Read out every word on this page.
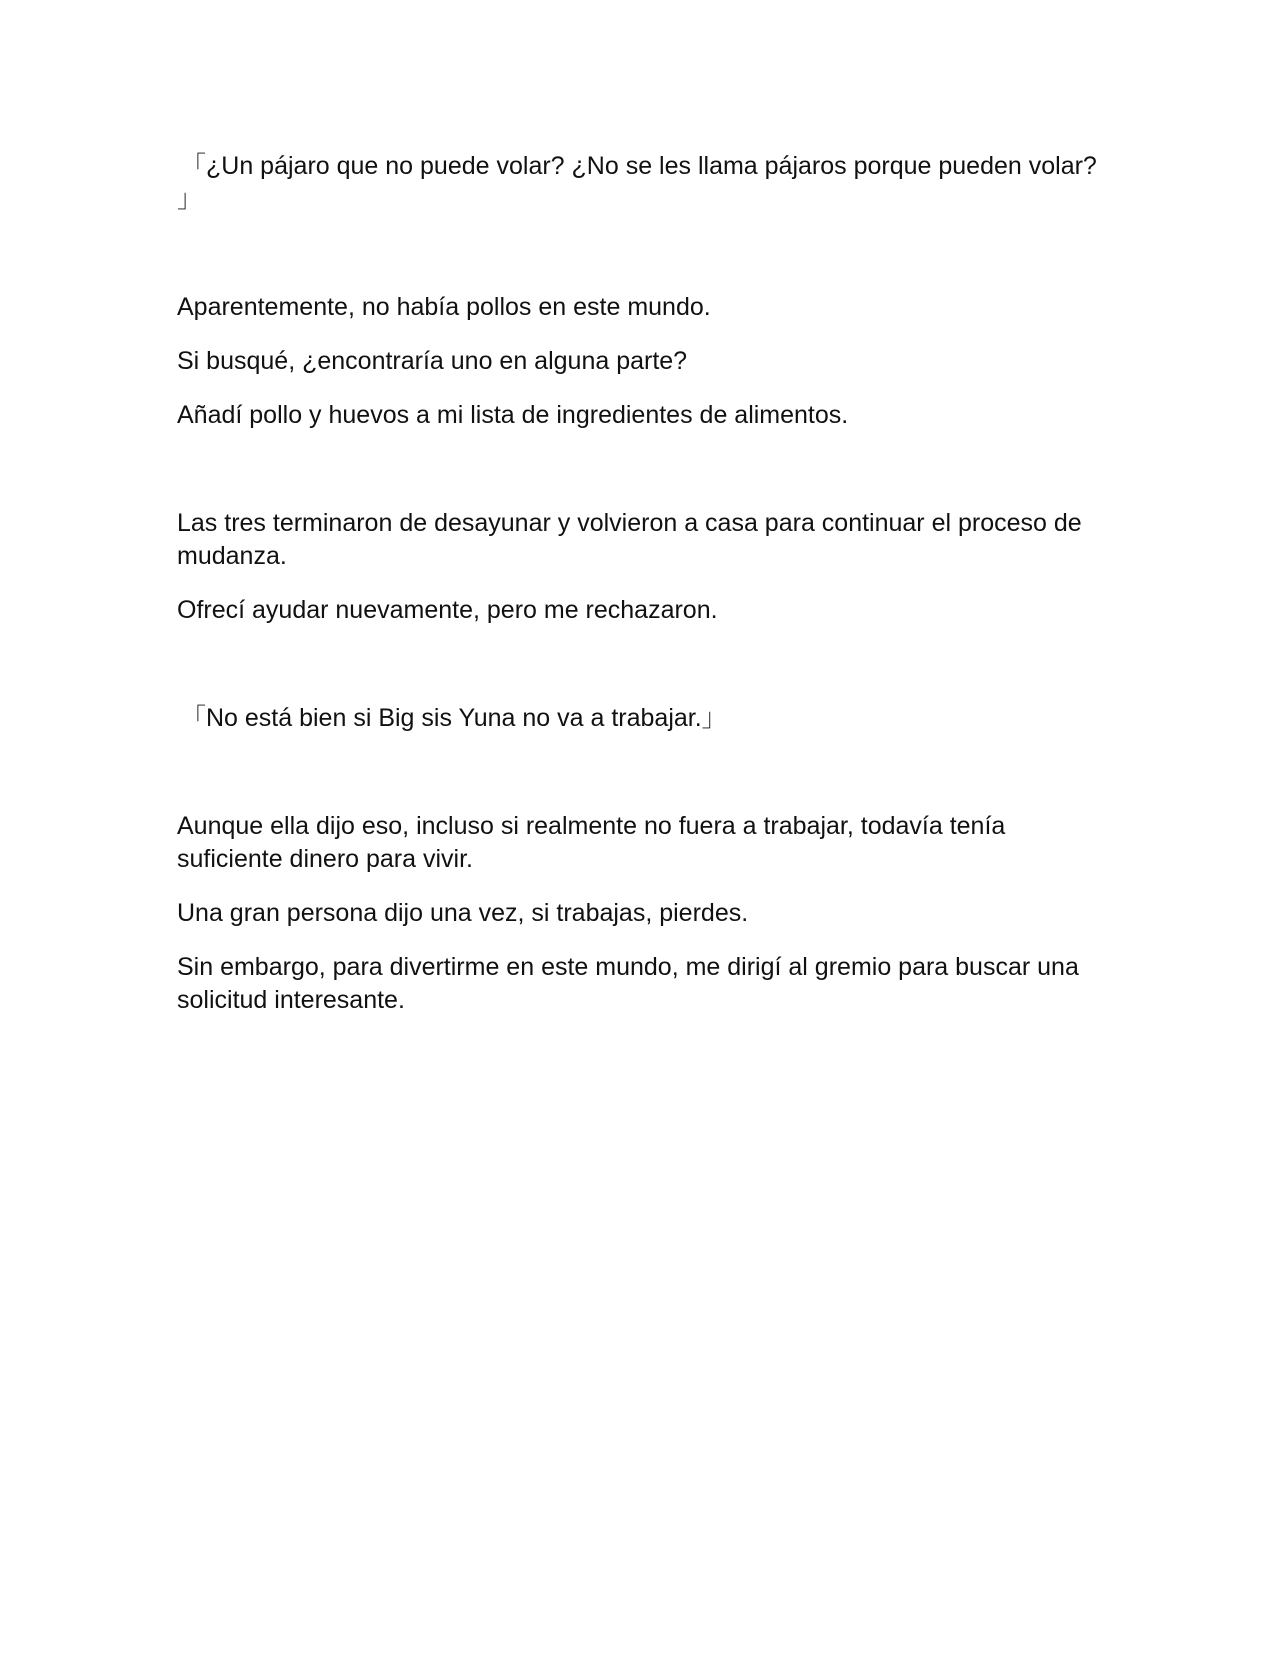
「¿Un pájaro que no puede volar? ¿No se les llama pájaros porque pueden volar? 」

Aparentemente, no había pollos en este mundo.

Si busqué, ¿encontraría uno en alguna parte?

Añadí pollo y huevos a mi lista de ingredientes de alimentos.

Las tres terminaron de desayunar y volvieron a casa para continuar el proceso de mudanza.

Ofrecí ayudar nuevamente, pero me rechazaron.

「No está bien si Big sis Yuna no va a trabajar.」

Aunque ella dijo eso, incluso si realmente no fuera a trabajar, todavía tenía suficiente dinero para vivir.

Una gran persona dijo una vez, si trabajas, pierdes.

Sin embargo, para divertirme en este mundo, me dirigí al gremio para buscar una solicitud interesante.
